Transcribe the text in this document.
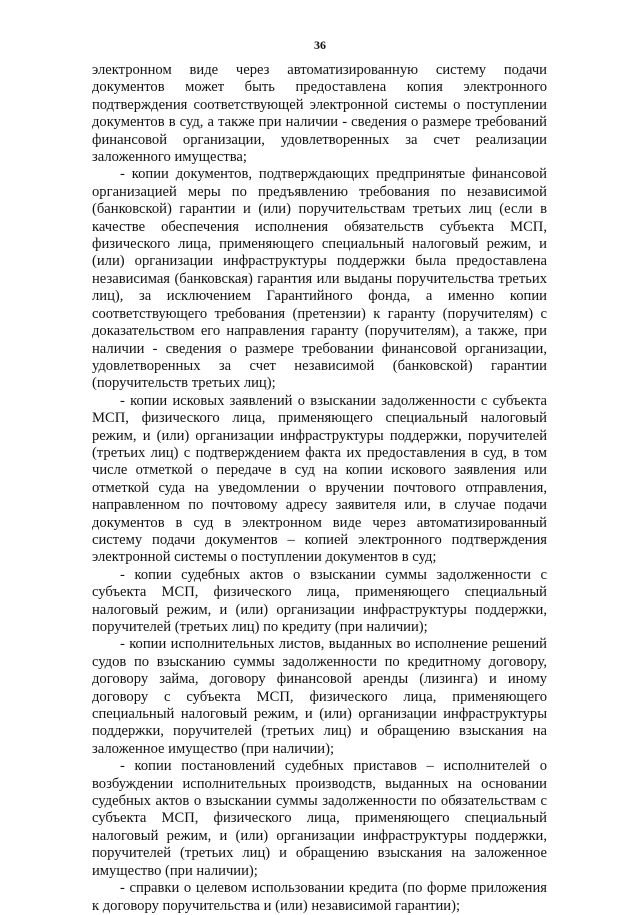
36

электронном виде через автоматизированную систему подачи документов может быть предоставлена копия электронного подтверждения соответствующей электронной системы о поступлении документов в суд, а также при наличии - сведения о размере требований финансовой организации, удовлетворенных за счет реализации заложенного имущества;

- копии документов, подтверждающих предпринятые финансовой организацией меры по предъявлению требования по независимой (банковской) гарантии и (или) поручительствам третьих лиц (если в качестве обеспечения исполнения обязательств субъекта МСП, физического лица, применяющего специальный налоговый режим, и (или) организации инфраструктуры поддержки была предоставлена независимая (банковская) гарантия или выданы поручительства третьих лиц), за исключением Гарантийного фонда, а именно копии соответствующего требования (претензии) к гаранту (поручителям) с доказательством его направления гаранту (поручителям), а также, при наличии - сведения о размере требовании финансовой организации, удовлетворенных за счет независимой (банковской) гарантии (поручительств третьих лиц);

- копии исковых заявлений о взыскании задолженности с субъекта МСП, физического лица, применяющего специальный налоговый режим, и (или) организации инфраструктуры поддержки, поручителей (третьих лиц) с подтверждением факта их предоставления в суд, в том числе отметкой о передаче в суд на копии искового заявления или отметкой суда на уведомлении о вручении почтового отправления, направленном по почтовому адресу заявителя или, в случае подачи документов в суд в электронном виде через автоматизированный систему подачи документов – копией электронного подтверждения электронной системы о поступлении документов в суд;

- копии судебных актов о взыскании суммы задолженности с субъекта МСП, физического лица, применяющего специальный налоговый режим, и (или) организации инфраструктуры поддержки, поручителей (третьих лиц) по кредиту (при наличии);

- копии исполнительных листов, выданных во исполнение решений судов по взысканию суммы задолженности по кредитному договору, договору займа, договору финансовой аренды (лизинга) и иному договору с субъекта МСП, физического лица, применяющего специальный налоговый режим, и (или) организации инфраструктуры поддержки, поручителей (третьих лиц) и обращению взыскания на заложенное имущество (при наличии);

- копии постановлений судебных приставов – исполнителей о возбуждении исполнительных производств, выданных на основании судебных актов о взыскании суммы задолженности по обязательствам с субъекта МСП, физического лица, применяющего специальный налоговый режим, и (или) организации инфраструктуры поддержки, поручителей (третьих лиц) и обращению взыскания на заложенное имущество (при наличии);

- справки о целевом использовании кредита (по форме приложения к договору поручительства и (или) независимой гарантии);
